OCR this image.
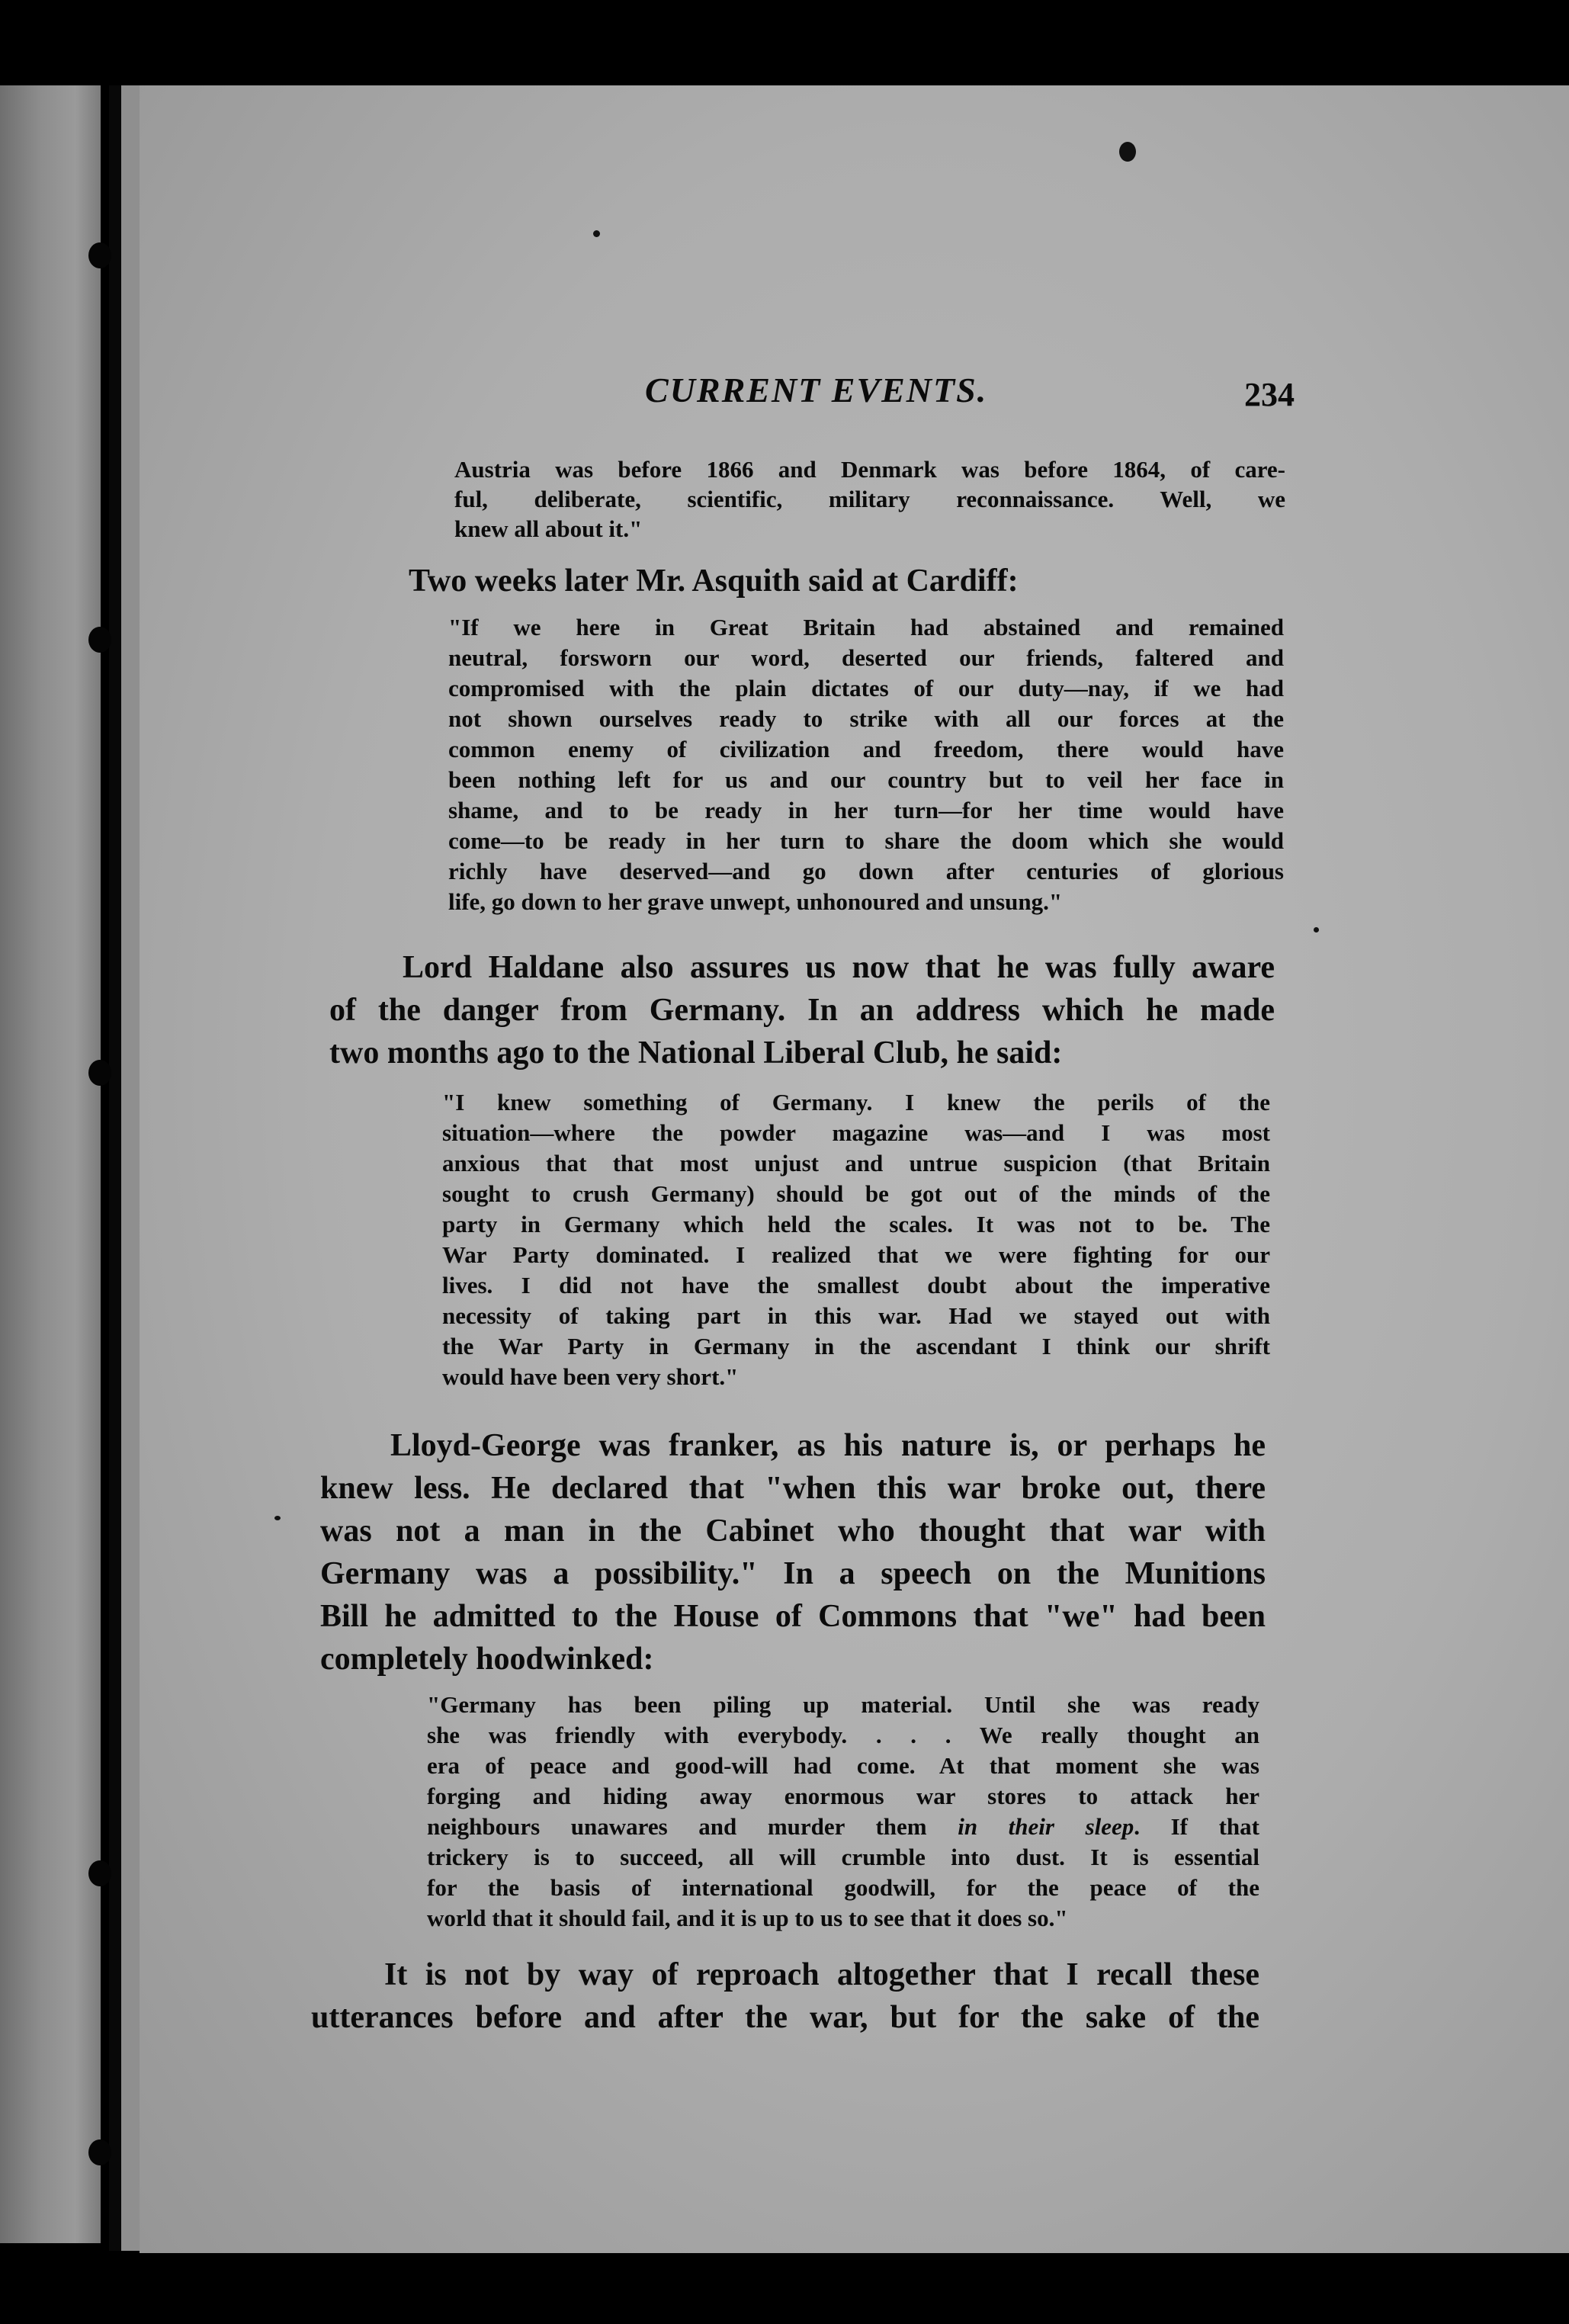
CURRENT EVENTS.	234
Austria was before 1866 and Denmark was before 1864, of care-
ful, deliberate, scientific, military reconnaissance. Well, we
knew all about it."
Two weeks later Mr. Asquith said at Cardiff:
"If we here in Great Britain had abstained and remained
neutral, forsworn our word, deserted our friends, faltered and
compromised with the plain dictates of our duty—nay, if we had
not shown ourselves ready to strike with all our forces at the
common enemy of civilization and freedom, there would have
been nothing left for us and our country but to veil her face in
shame, and to be ready in her turn—for her time would have
come—to be ready in her turn to share the doom which she would
richly have deserved—and go down after centuries of glorious
life, go down to her grave unwept, unhonoured and unsung."
Lord Haldane also assures us now that he was fully aware
of the danger from Germany. In an address which he made
two months ago to the National Liberal Club, he said:
"I knew something of Germany. I knew the perils of the
situation—where the powder magazine was—and I was most
anxious that that most unjust and untrue suspicion (that Britain
sought to crush Germany) should be got out of the minds of the
party in Germany which held the scales. It was not to be. The
War Party dominated. I realized that we were fighting for our
lives. I did not have the smallest doubt about the imperative
necessity of taking part in this war. Had we stayed out with
the War Party in Germany in the ascendant I think our shrift
would have been very short."
Lloyd-George was franker, as his nature is, or perhaps he
knew less. He declared that "when this war broke out, there
was not a man in the Cabinet who thought that war with
Germany was a possibility." In a speech on the Munitions
Bill he admitted to the House of Commons that "we" had been
completely hoodwinked:
"Germany has been piling up material. Until she was ready
she was friendly with everybody. . . . We really thought an
era of peace and good-will had come. At that moment she was
forging and hiding away enormous war stores to attack her
neighbours unawares and murder them in their sleep. If that
trickery is to succeed, all will crumble into dust. It is essential
for the basis of international goodwill, for the peace of the
world that it should fail, and it is up to us to see that it does so."
It is not by way of reproach altogether that I recall these
utterances before and after the war, but for the sake of the
